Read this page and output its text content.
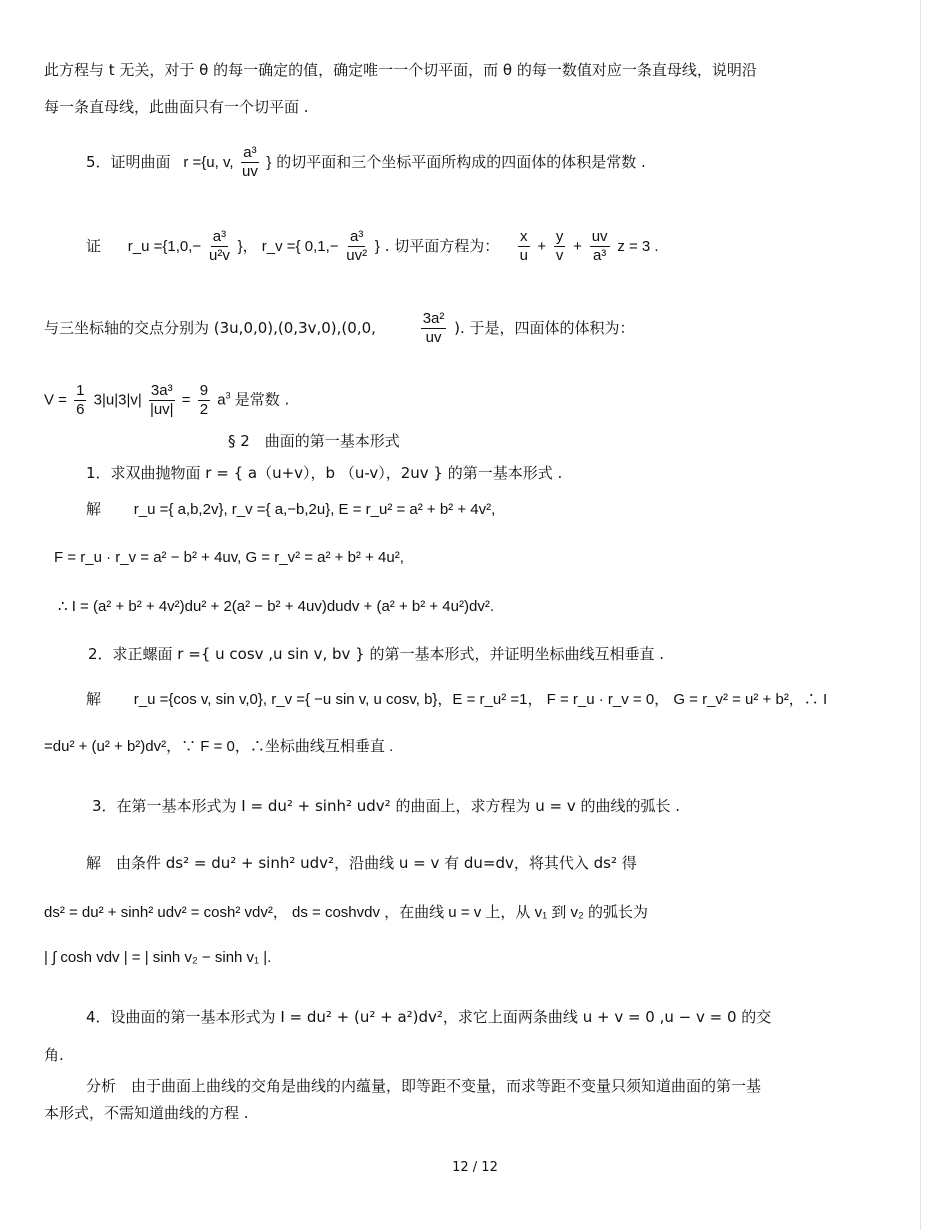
此方程与 t 无关，对于 θ 的每一确定的值，确定唯一一个切平面，而 θ 的每一数值对应一条直母线，说明沿
每一条直母线，此曲面只有一个切平面 .
5．证明曲面 r ={u, v, $\frac{\text{a³}}{uv}$ } 的切平面和三个坐标平面所构成的四面体的体积是常数 .
证 r_u $=\{1,0,- \frac{\text{a³}}{\text{u²v}}$ }， r_v ={ $0,1,- \frac{\text{a³}}{\text{uv²}}$ } . 切平面方程为： $\frac{x}{u} + \frac{y}{v} + \frac{uv}{\text{a³}}$ z = 3 .
与三坐标轴的交点分别为 (3u,0,0),(0,3v,0),(0,0,	$\frac{\text{3a²}}{uv}$ ). 于是，四面体的体积为：
$V = \frac{1}{6} 3|u|3|v| \frac{\text{3a³}}{|uv|} = \frac{9}{2} a^3$ 是常数 .
§ 2　曲面的第一基本形式
1．求双曲抛物面 r = { a（u+v），b （u-v），2uv } 的第一基本形式 .
解 r_u ={ a,b,2v}, r_v ={ a,−b,2u}, E = r_u² = a² + b² + 4v²,
F = r_u · r_v = a² − b² + 4uv, G = r_v² = a² + b² + 4u²,
∴ I = (a² + b² + 4v²)du² + 2(a² − b² + 4uv)dudv + (a² + b² + 4u²)dv².
2．求正螺面 r ={ u cosv ,u sin v, bv } 的第一基本形式，并证明坐标曲线互相垂直 .
解 r_u ={cos v, sin v,0}, r_v ={ −u sin v, u cosv, b}，E = r_u² =1， F = r_u · r_v = 0， G = r_v² = u² + b²，∴ I
=du² + (u² + b²)dv²，∵ F = 0，∴坐标曲线互相垂直 .
3．在第一基本形式为 I = du² + sinh² udv² 的曲面上，求方程为 u = v 的曲线的弧长 .
解　由条件 ds² = du² + sinh² udv²，沿曲线 u = v 有 du=dv，将其代入 ds² 得
ds² = du² + sinh² udv² = cosh² vdv²， ds = coshvdv ，在曲线 u = v 上，从 v₁ 到 v₂ 的弧长为
| ∫ cosh vdv | = | sinh v₂ − sinh v₁ |.
4．设曲面的第一基本形式为 I = du² + (u² + a²)dv²，求它上面两条曲线 u + v = 0 ,u − v = 0 的交
角.
分析　由于曲面上曲线的交角是曲线的内蕴量，即等距不变量，而求等距不变量只须知道曲面的第一基
本形式，不需知道曲线的方程 .
12 / 12
